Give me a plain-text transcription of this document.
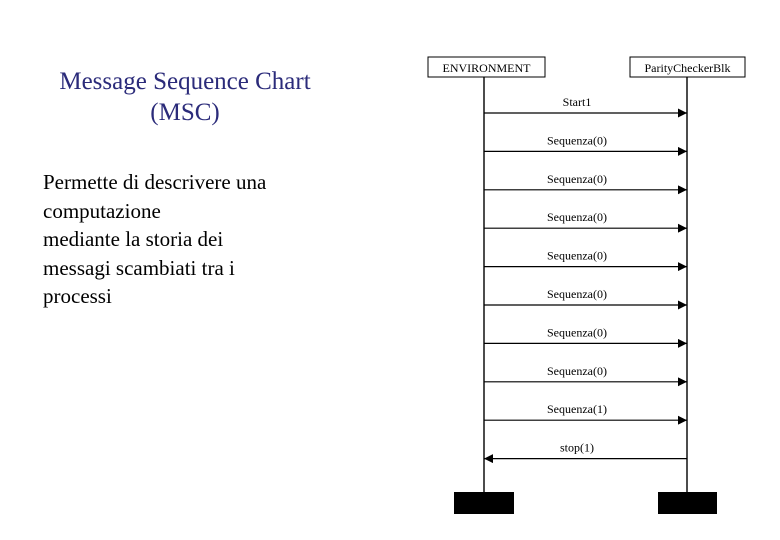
Message Sequence Chart
(MSC)
Permette di descrivere una
computazione
mediante la storia dei
messagi scambiati tra i
processi
ENVIRONMENT	ParityCheckerBlk
Start1
Sequenza(0)
Sequenza(0)
Sequenza(0)
Sequenza(0)
Sequenza(0)
Sequenza(0)
Sequenza(0)
Sequenza(1)
stop(1)
